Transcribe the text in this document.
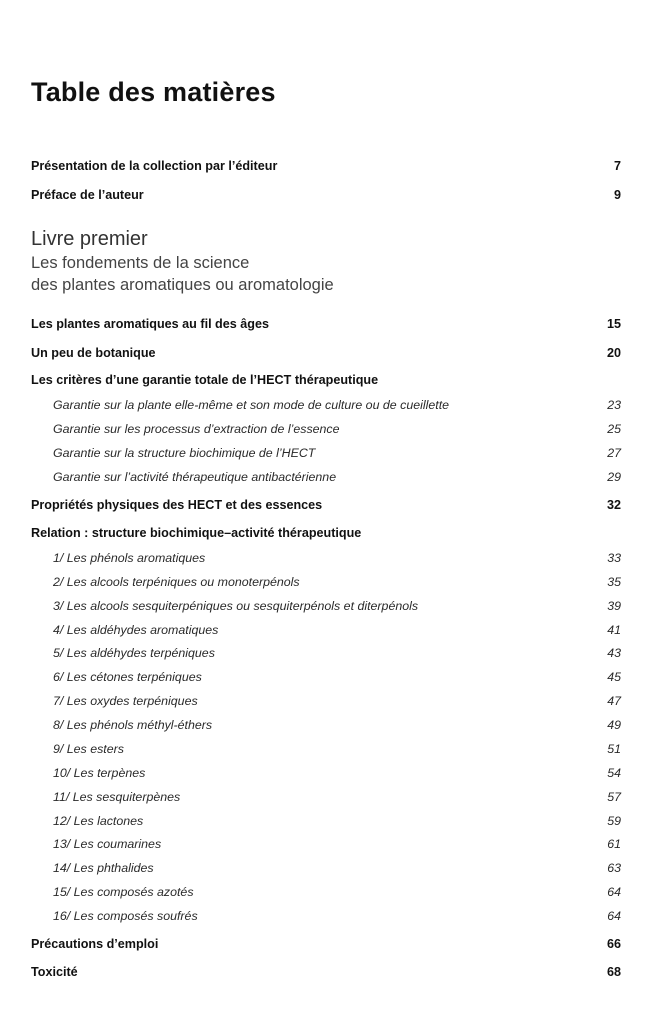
Table des matières
Présentation de la collection par l’éditeur	7
Préface de l’auteur	9
Livre premier
Les fondements de la science
des plantes aromatiques ou aromatologie
Les plantes aromatiques au fil des âges	15
Un peu de botanique	20
Les critères d’une garantie totale de l’HECT thérapeutique
Garantie sur la plante elle-même et son mode de culture ou de cueillette	23
Garantie sur les processus d’extraction de l’essence	25
Garantie sur la structure biochimique de l’HECT	27
Garantie sur l’activité thérapeutique antibactérienne	29
Propriétés physiques des HECT et des essences	32
Relation : structure biochimique–activité thérapeutique
1/ Les phénols aromatiques	33
2/ Les alcools terpéniques ou monoterpénols	35
3/ Les alcools sesquiterpéniques ou sesquiterpénols et diterpénols	39
4/ Les aldéhydes aromatiques	41
5/ Les aldéhydes terpéniques	43
6/ Les cétones terpéniques	45
7/ Les oxydes terpéniques	47
8/ Les phénols méthyl-éthers	49
9/ Les esters	51
10/ Les terpènes	54
11/ Les sesquiterpènes	57
12/ Les lactones	59
13/ Les coumarines	61
14/ Les phthalides	63
15/ Les composés azotés	64
16/ Les composés soufrés	64
Précautions d’emploi	66
Toxicité	68
